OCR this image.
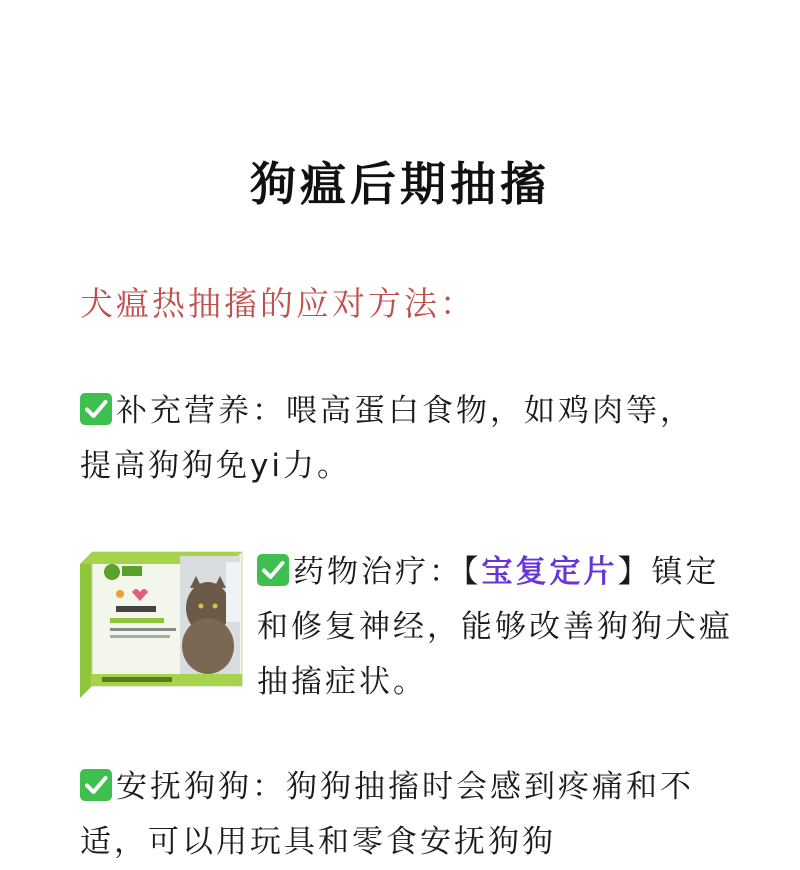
狗瘟后期抽搐
犬瘟热抽搐的应对方法：
补充营养：喂高蛋白食物，如鸡肉等，提高狗狗免yi力。
药物治疗：【宝复定片】镇定和修复神经，能够改善狗狗犬瘟抽搐症状。
安抚狗狗：狗狗抽搐时会感到疼痛和不适，可以用玩具和零食安抚狗狗
